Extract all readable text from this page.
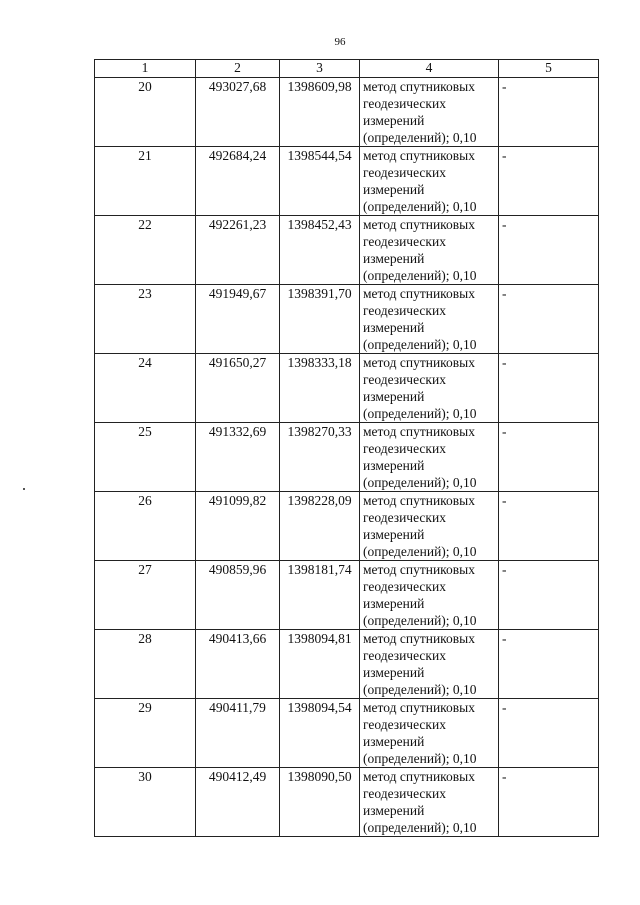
96
1	2	3	4	5
20	493027,68	1398609,98	метод спутниковых геодезических измерений (определений); 0,10	-
21	492684,24	1398544,54	метод спутниковых геодезических измерений (определений); 0,10	-
22	492261,23	1398452,43	метод спутниковых геодезических измерений (определений); 0,10	-
23	491949,67	1398391,70	метод спутниковых геодезических измерений (определений); 0,10	-
24	491650,27	1398333,18	метод спутниковых геодезических измерений (определений); 0,10	-
25	491332,69	1398270,33	метод спутниковых геодезических измерений (определений); 0,10	-
26	491099,82	1398228,09	метод спутниковых геодезических измерений (определений); 0,10	-
27	490859,96	1398181,74	метод спутниковых геодезических измерений (определений); 0,10	-
28	490413,66	1398094,81	метод спутниковых геодезических измерений (определений); 0,10	-
29	490411,79	1398094,54	метод спутниковых геодезических измерений (определений); 0,10	-
30	490412,49	1398090,50	метод спутниковых геодезических измерений (определений); 0,10	-
